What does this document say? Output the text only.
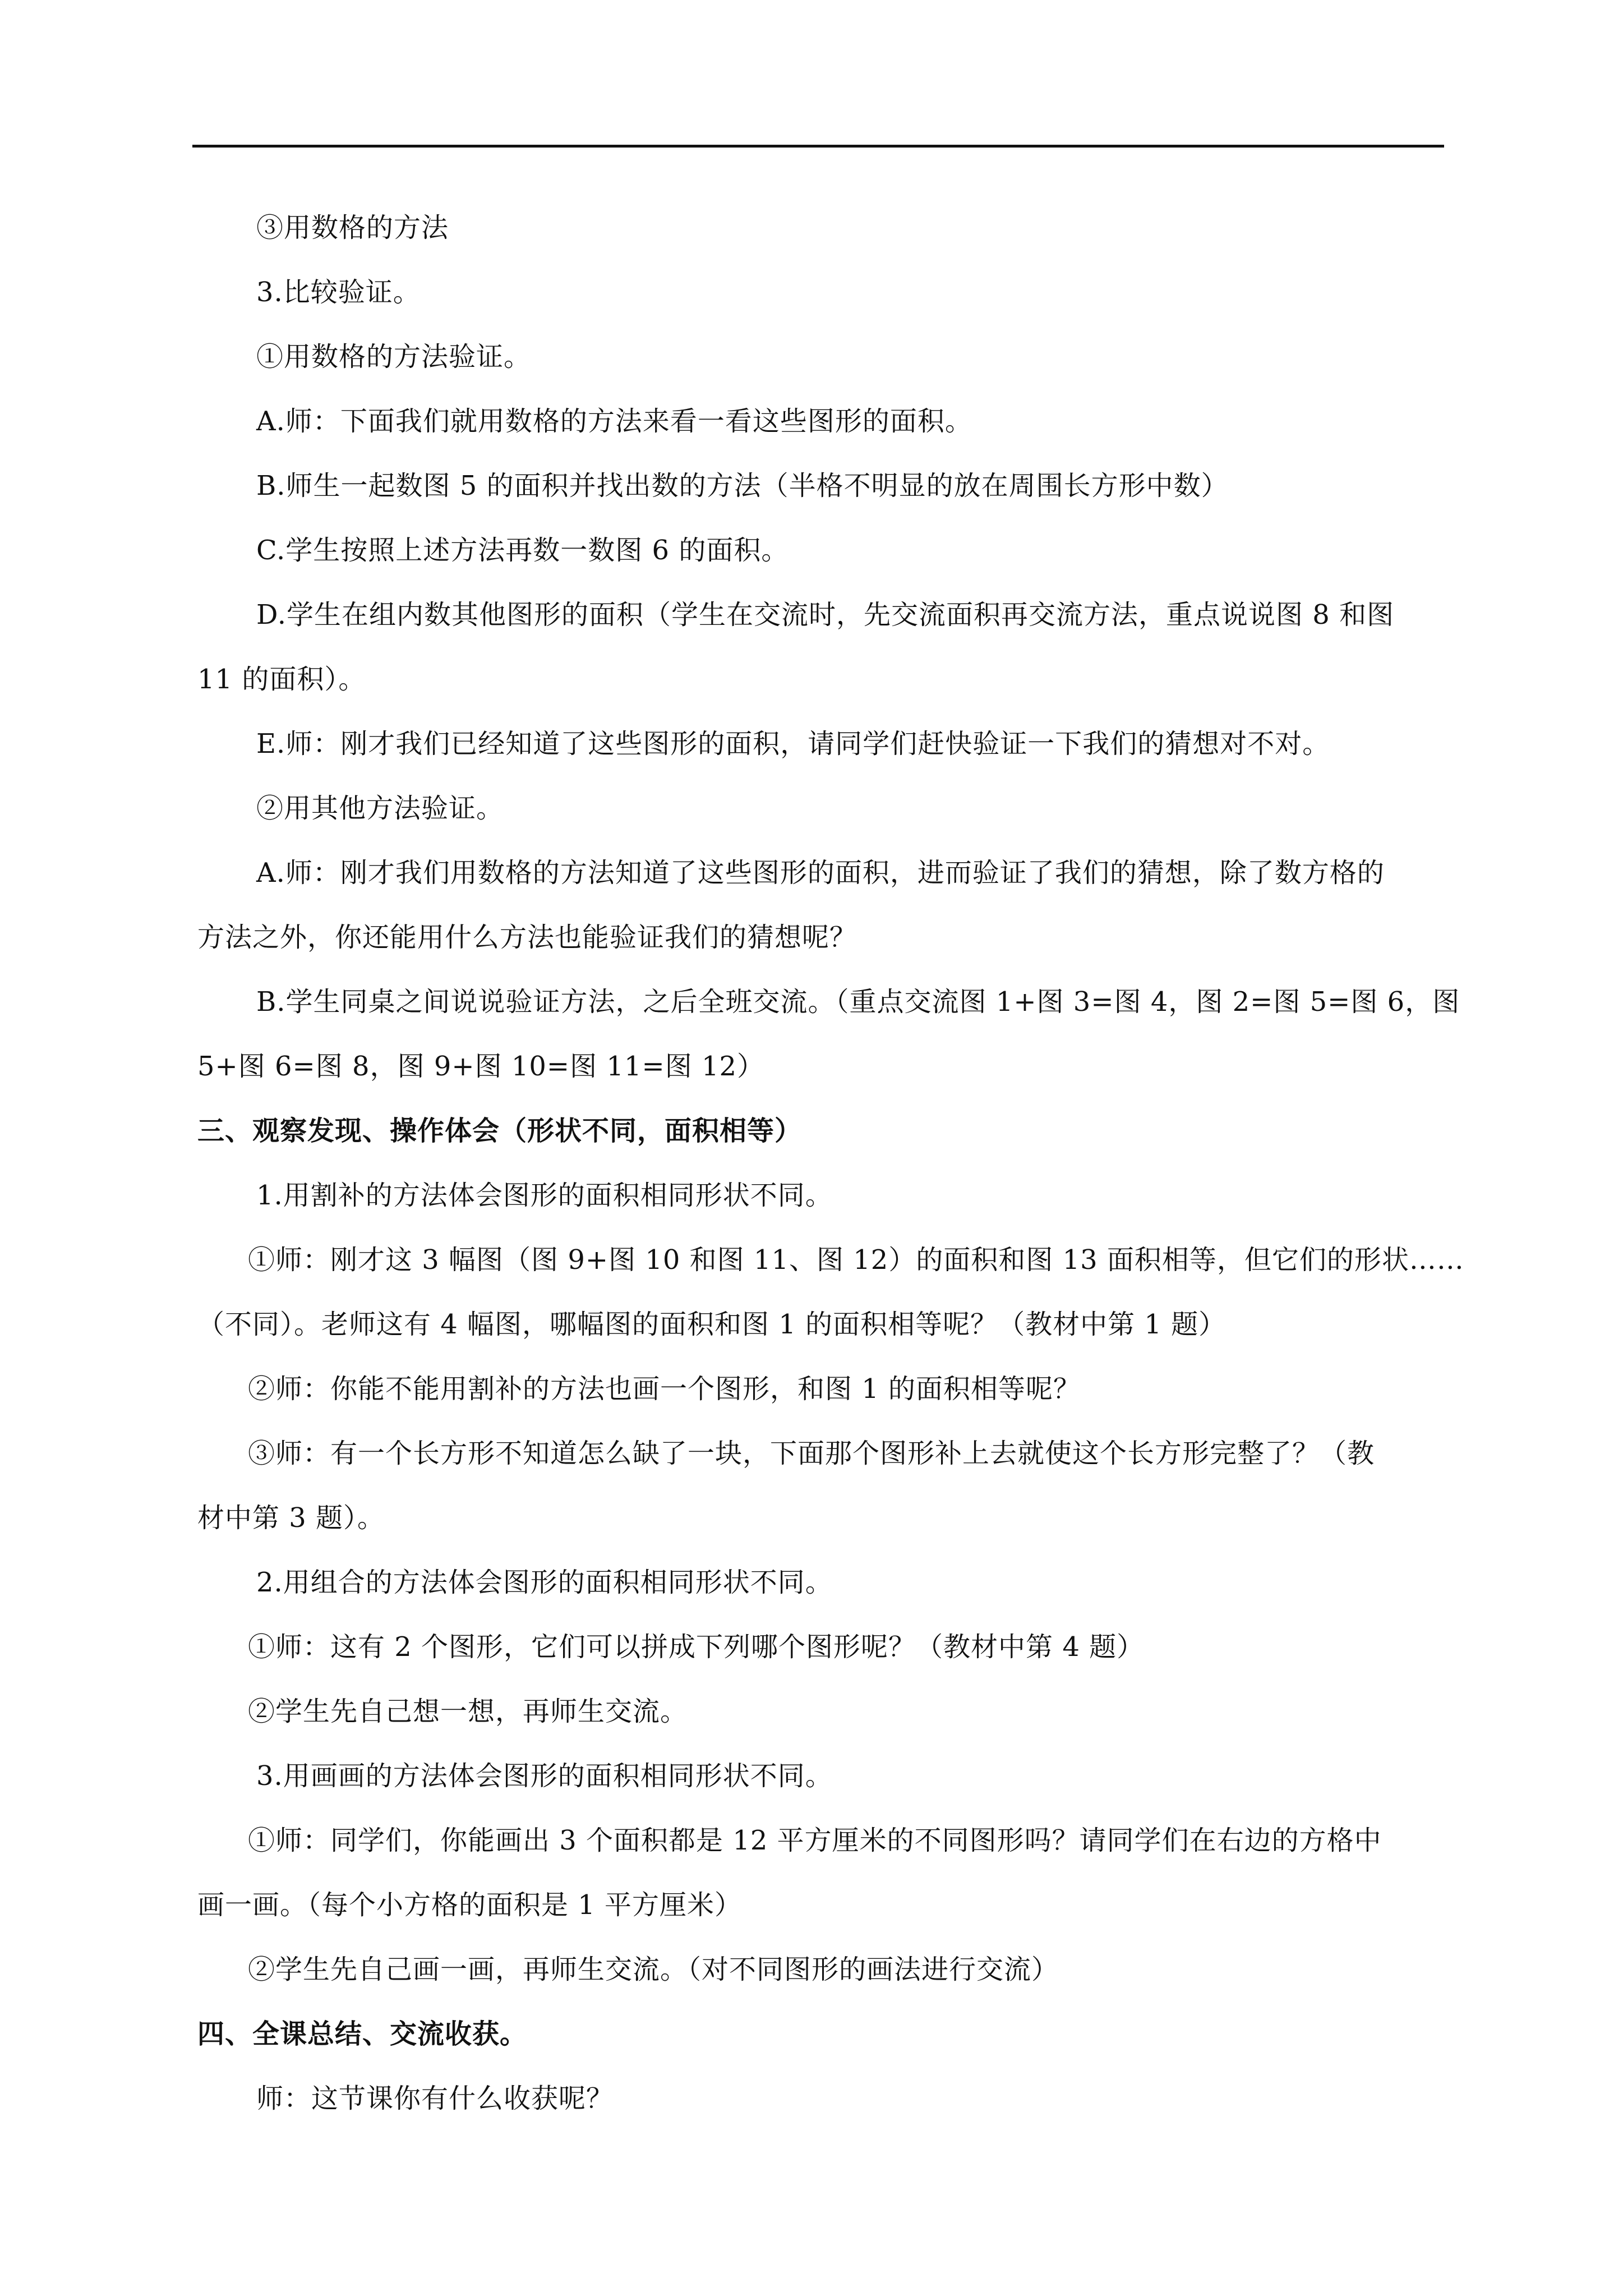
③用数格的方法
3.比较验证。
①用数格的方法验证。
A.师：下面我们就用数格的方法来看一看这些图形的面积。
B.师生一起数图 5 的面积并找出数的方法（半格不明显的放在周围长方形中数）
C.学生按照上述方法再数一数图 6 的面积。
D.学生在组内数其他图形的面积（学生在交流时，先交流面积再交流方法，重点说说图 8 和图
11 的面积）。
E.师：刚才我们已经知道了这些图形的面积，请同学们赶快验证一下我们的猜想对不对。
②用其他方法验证。
A.师：刚才我们用数格的方法知道了这些图形的面积，进而验证了我们的猜想，除了数方格的
方法之外，你还能用什么方法也能验证我们的猜想呢？
B.学生同桌之间说说验证方法，之后全班交流。（重点交流图 1+图 3=图 4，图 2=图 5=图 6，图
5+图 6=图 8，图 9+图 10=图 11=图 12）
三、观察发现、操作体会（形状不同，面积相等）
1.用割补的方法体会图形的面积相同形状不同。
①师：刚才这 3 幅图（图 9+图 10 和图 11、图 12）的面积和图 13 面积相等，但它们的形状……
（不同）。老师这有 4 幅图，哪幅图的面积和图 1 的面积相等呢？（教材中第 1 题）
②师：你能不能用割补的方法也画一个图形，和图 1 的面积相等呢？
③师：有一个长方形不知道怎么缺了一块，下面那个图形补上去就使这个长方形完整了？（教
材中第 3 题）。
2.用组合的方法体会图形的面积相同形状不同。
①师：这有 2 个图形，它们可以拼成下列哪个图形呢？（教材中第 4 题）
②学生先自己想一想，再师生交流。
3.用画画的方法体会图形的面积相同形状不同。
①师：同学们，你能画出 3 个面积都是 12 平方厘米的不同图形吗？请同学们在右边的方格中
画一画。（每个小方格的面积是 1 平方厘米）
②学生先自己画一画，再师生交流。（对不同图形的画法进行交流）
四、全课总结、交流收获。
师：这节课你有什么收获呢？
